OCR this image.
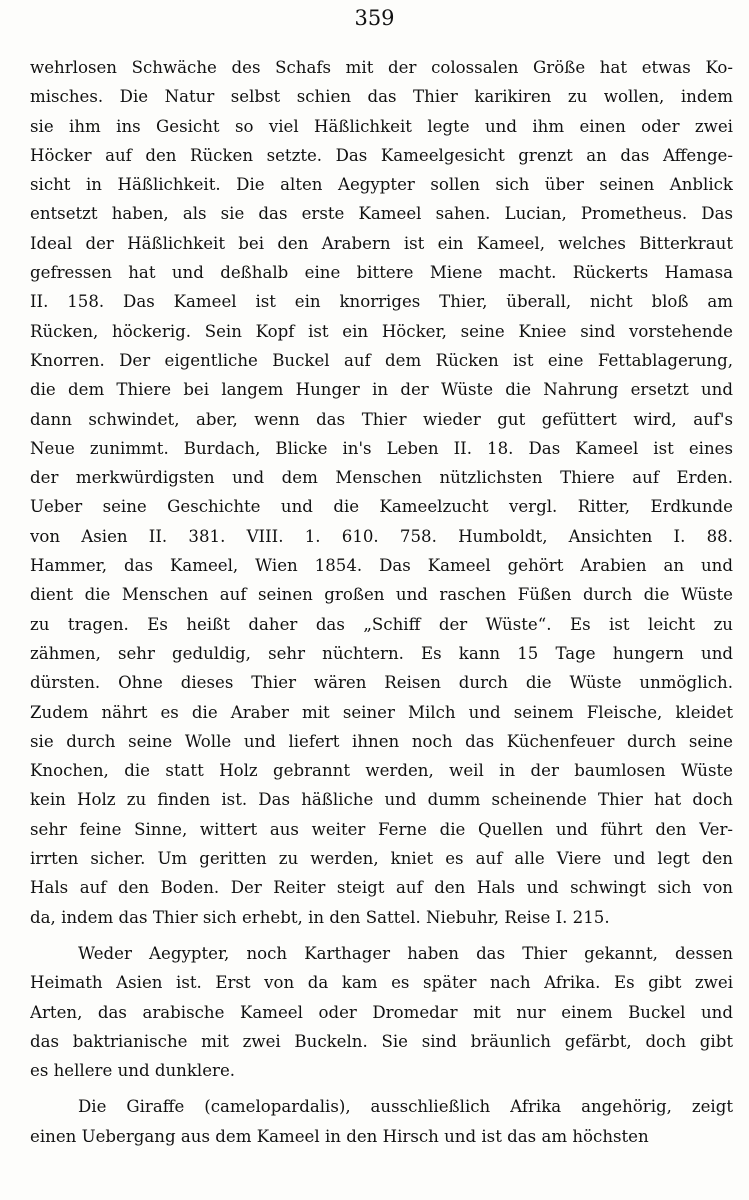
359
wehrlosen Schwäche des Schafs mit der colossalen Größe hat etwas Ko-
misches. Die Natur selbst schien das Thier karikiren zu wollen, indem
sie ihm ins Gesicht so viel Häßlichkeit legte und ihm einen oder zwei
Höcker auf den Rücken setzte. Das Kameelgesicht grenzt an das Affenge-
sicht in Häßlichkeit. Die alten Aegypter sollen sich über seinen Anblick
entsetzt haben, als sie das erste Kameel sahen. Lucian, Prometheus. Das
Ideal der Häßlichkeit bei den Arabern ist ein Kameel, welches Bitterkraut
gefressen hat und deßhalb eine bittere Miene macht. Rückerts Hamasa
II. 158. Das Kameel ist ein knorriges Thier, überall, nicht bloß am
Rücken, höckerig. Sein Kopf ist ein Höcker, seine Kniee sind vorstehende
Knorren. Der eigentliche Buckel auf dem Rücken ist eine Fettablagerung,
die dem Thiere bei langem Hunger in der Wüste die Nahrung ersetzt und
dann schwindet, aber, wenn das Thier wieder gut gefüttert wird, auf's
Neue zunimmt. Burdach, Blicke in's Leben II. 18. Das Kameel ist eines
der merkwürdigsten und dem Menschen nützlichsten Thiere auf Erden.
Ueber seine Geschichte und die Kameelzucht vergl. Ritter, Erdkunde
von Asien II. 381. VIII. 1. 610. 758. Humboldt, Ansichten I. 88.
Hammer, das Kameel, Wien 1854. Das Kameel gehört Arabien an und
dient die Menschen auf seinen großen und raschen Füßen durch die Wüste
zu tragen. Es heißt daher das „Schiff der Wüste“. Es ist leicht zu
zähmen, sehr geduldig, sehr nüchtern. Es kann 15 Tage hungern und
dürsten. Ohne dieses Thier wären Reisen durch die Wüste unmöglich.
Zudem nährt es die Araber mit seiner Milch und seinem Fleische, kleidet
sie durch seine Wolle und liefert ihnen noch das Küchenfeuer durch seine
Knochen, die statt Holz gebrannt werden, weil in der baumlosen Wüste
kein Holz zu finden ist. Das häßliche und dumm scheinende Thier hat doch
sehr feine Sinne, wittert aus weiter Ferne die Quellen und führt den Ver-
irrten sicher. Um geritten zu werden, kniet es auf alle Viere und legt den
Hals auf den Boden. Der Reiter steigt auf den Hals und schwingt sich von
da, indem das Thier sich erhebt, in den Sattel. Niebuhr, Reise I. 215.
Weder Aegypter, noch Karthager haben das Thier gekannt, dessen
Heimath Asien ist. Erst von da kam es später nach Afrika. Es gibt zwei
Arten, das arabische Kameel oder Dromedar mit nur einem Buckel und
das baktrianische mit zwei Buckeln. Sie sind bräunlich gefärbt, doch gibt
es hellere und dunklere.
Die Giraffe (camelopardalis), ausschließlich Afrika angehörig, zeigt
einen Uebergang aus dem Kameel in den Hirsch und ist das am höchsten
